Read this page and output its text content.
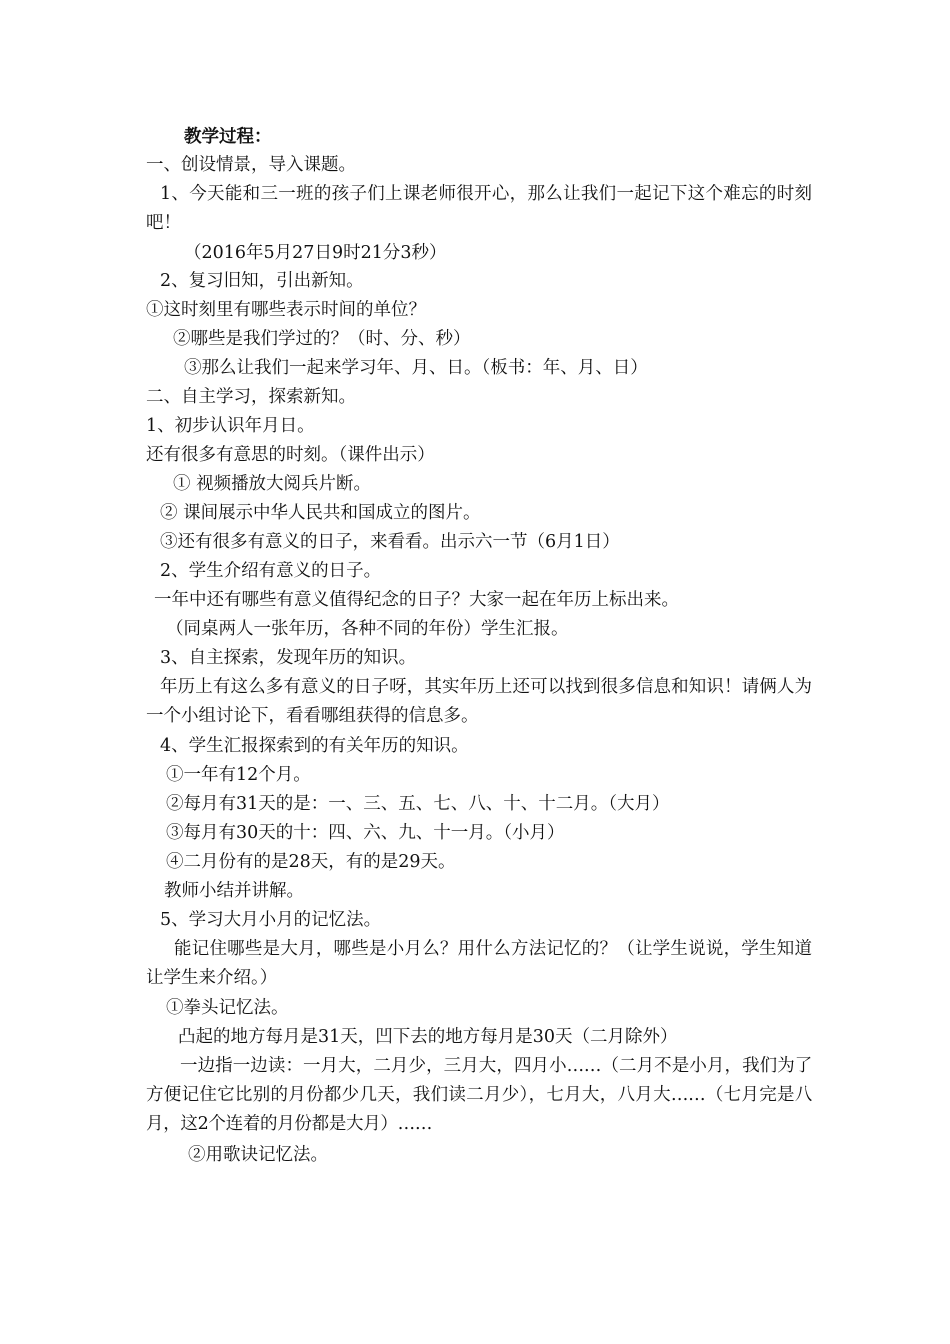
教学过程：
一、创设情景，导入课题。
1、今天能和三一班的孩子们上课老师很开心，那么让我们一起记下这个难忘的时刻吧！
（2016年5月27日9时21分3秒）
2、复习旧知，引出新知。
①这时刻里有哪些表示时间的单位？
②哪些是我们学过的？（时、分、秒）
③那么让我们一起来学习年、月、日。（板书：年、月、日）
二、自主学习，探索新知。
1、初步认识年月日。
还有很多有意思的时刻。（课件出示）
① 视频播放大阅兵片断。
② 课间展示中华人民共和国成立的图片。
③还有很多有意义的日子，来看看。出示六一节（6月1日）
2、学生介绍有意义的日子。
一年中还有哪些有意义值得纪念的日子？大家一起在年历上标出来。
（同桌两人一张年历，各种不同的年份）学生汇报。
3、自主探索，发现年历的知识。
年历上有这么多有意义的日子呀，其实年历上还可以找到很多信息和知识！请俩人为一个小组讨论下，看看哪组获得的信息多。
4、学生汇报探索到的有关年历的知识。
①一年有12个月。
②每月有31天的是：一、三、五、七、八、十、十二月。（大月）
③每月有30天的十：四、六、九、十一月。（小月）
④二月份有的是28天，有的是29天。
教师小结并讲解。
5、学习大月小月的记忆法。
能记住哪些是大月，哪些是小月么？用什么方法记忆的？（让学生说说，学生知道让学生来介绍。）
①拳头记忆法。
凸起的地方每月是31天，凹下去的地方每月是30天（二月除外）
一边指一边读：一月大，二月少，三月大，四月小……（二月不是小月，我们为了方便记住它比别的月份都少几天，我们读二月少），七月大，八月大……（七月完是八月，这2个连着的月份都是大月）……
②用歌诀记忆法。
